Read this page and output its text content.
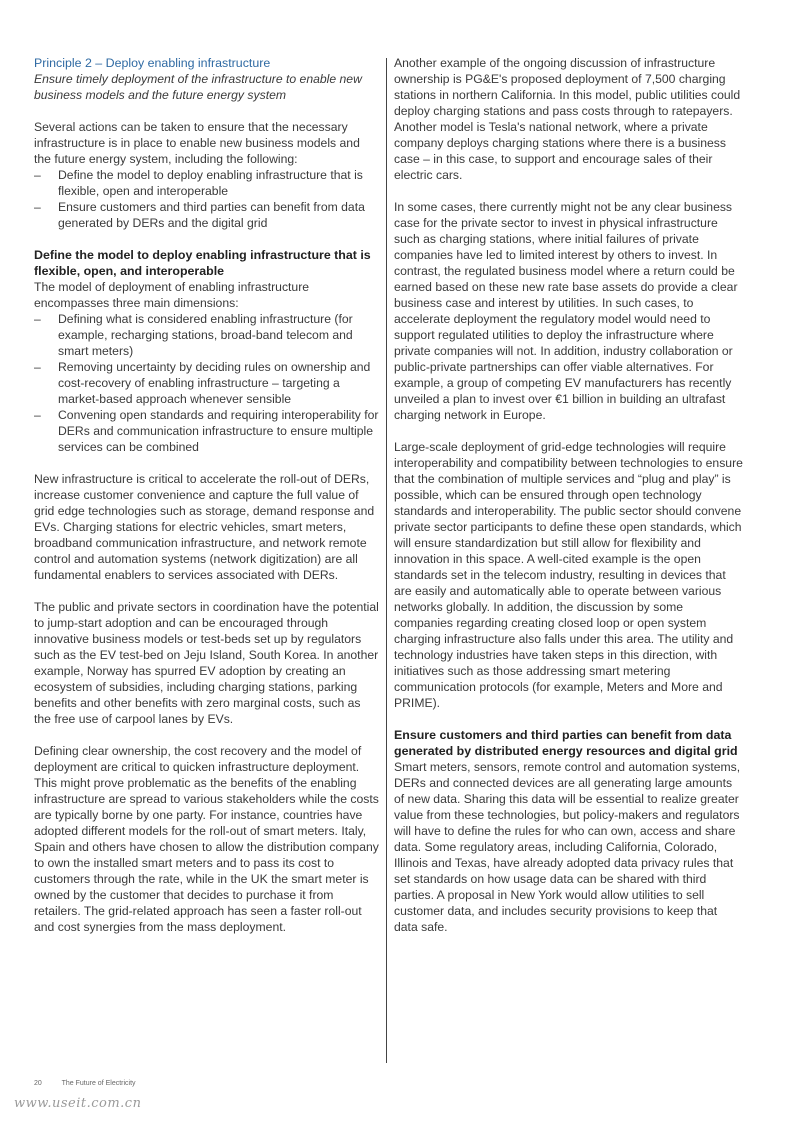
Principle 2 – Deploy enabling infrastructure

Ensure timely deployment of the infrastructure to enable new business models and the future energy system

Several actions can be taken to ensure that the necessary infrastructure is in place to enable new business models and the future energy system, including the following:

– Define the model to deploy enabling infrastructure that is flexible, open and interoperable
– Ensure customers and third parties can benefit from data generated by DERs and the digital grid
Define the model to deploy enabling infrastructure that is flexible, open, and interoperable

The model of deployment of enabling infrastructure encompasses three main dimensions:

– Defining what is considered enabling infrastructure (for example, recharging stations, broad-band telecom and smart meters)
– Removing uncertainty by deciding rules on ownership and cost-recovery of enabling infrastructure – targeting a market-based approach whenever sensible
– Convening open standards and requiring interoperability for DERs and communication infrastructure to ensure multiple services can be combined

New infrastructure is critical to accelerate the roll-out of DERs, increase customer convenience and capture the full value of grid edge technologies such as storage, demand response and EVs. Charging stations for electric vehicles, smart meters, broadband communication infrastructure, and network remote control and automation systems (network digitization) are all fundamental enablers to services associated with DERs.

The public and private sectors in coordination have the potential to jump-start adoption and can be encouraged through innovative business models or test-beds set up by regulators such as the EV test-bed on Jeju Island, South Korea. In another example, Norway has spurred EV adoption by creating an ecosystem of subsidies, including charging stations, parking benefits and other benefits with zero marginal costs, such as the free use of carpool lanes by EVs.

Defining clear ownership, the cost recovery and the model of deployment are critical to quicken infrastructure deployment. This might prove problematic as the benefits of the enabling infrastructure are spread to various stakeholders while the costs are typically borne by one party. For instance, countries have adopted different models for the roll-out of smart meters. Italy, Spain and others have chosen to allow the distribution company to own the installed smart meters and to pass its cost to customers through the rate, while in the UK the smart meter is owned by the customer that decides to purchase it from retailers. The grid-related approach has seen a faster roll-out and cost synergies from the mass deployment.

Another example of the ongoing discussion of infrastructure ownership is PG&E's proposed deployment of 7,500 charging stations in northern California. In this model, public utilities could deploy charging stations and pass costs through to ratepayers. Another model is Tesla's national network, where a private company deploys charging stations where there is a business case – in this case, to support and encourage sales of their electric cars.

In some cases, there currently might not be any clear business case for the private sector to invest in physical infrastructure such as charging stations, where initial failures of private companies have led to limited interest by others to invest. In contrast, the regulated business model where a return could be earned based on these new rate base assets do provide a clear business case and interest by utilities. In such cases, to accelerate deployment the regulatory model would need to support regulated utilities to deploy the infrastructure where private companies will not. In addition, industry collaboration or public-private partnerships can offer viable alternatives. For example, a group of competing EV manufacturers has recently unveiled a plan to invest over €1 billion in building an ultrafast charging network in Europe.

Large-scale deployment of grid-edge technologies will require interoperability and compatibility between technologies to ensure that the combination of multiple services and “plug and play” is possible, which can be ensured through open technology standards and interoperability. The public sector should convene private sector participants to define these open standards, which will ensure standardization but still allow for flexibility and innovation in this space. A well-cited example is the open standards set in the telecom industry, resulting in devices that are easily and automatically able to operate between various networks globally. In addition, the discussion by some companies regarding creating closed loop or open system charging infrastructure also falls under this area. The utility and technology industries have taken steps in this direction, with initiatives such as those addressing smart metering communication protocols (for example, Meters and More and PRIME).

Ensure customers and third parties can benefit from data generated by distributed energy resources and digital grid

Smart meters, sensors, remote control and automation systems, DERs and connected devices are all generating large amounts of new data. Sharing this data will be essential to realize greater value from these technologies, but policy-makers and regulators will have to define the rules for who can own, access and share data. Some regulatory areas, including California, Colorado, Illinois and Texas, have already adopted data privacy rules that set standards on how usage data can be shared with third parties. A proposal in New York would allow utilities to sell customer data, and includes security provisions to keep that data safe.

20	The Future of Electricity
www.useit.com.cn
